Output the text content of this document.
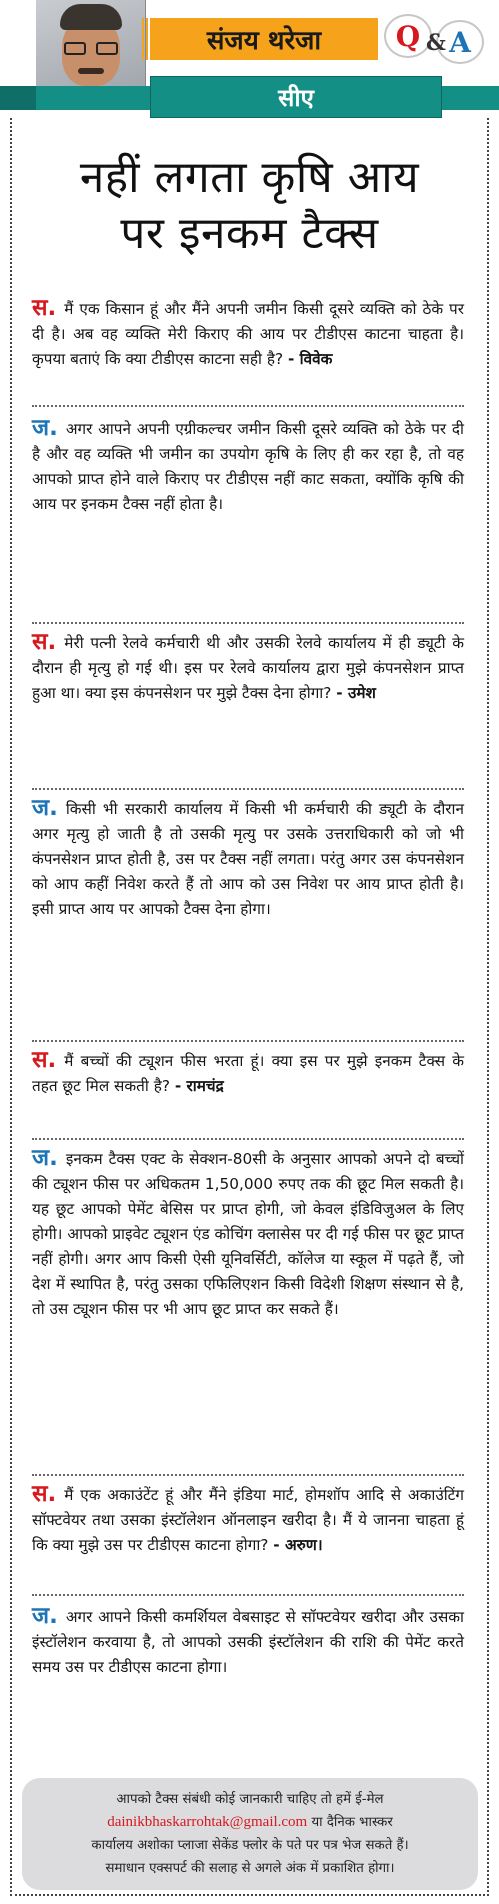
संजय थरेजा	Q	A
&
सीए
नहीं लगता कृषि आय
पर इनकम टैक्स

स. मैं एक किसान हूं और मैंने अपनी जमीन किसी दूसरे व्यक्ति को ठेके पर दी है। अब वह व्यक्ति मेरी किराए की आय पर टीडीएस काटना चाहता है। कृपया बताएं कि क्या टीडीएस काटना सही है? - विवेक

ज. अगर आपने अपनी एग्रीकल्चर जमीन किसी दूसरे व्यक्ति को ठेके पर दी है और वह व्यक्ति भी जमीन का उपयोग कृषि के लिए ही कर रहा है, तो वह आपको प्राप्त होने वाले किराए पर टीडीएस नहीं काट सकता, क्योंकि कृषि की आय पर इनकम टैक्स नहीं होता है।

स. मेरी पत्नी रेलवे कर्मचारी थी और उसकी रेलवे कार्यालय में ही ड्यूटी के दौरान ही मृत्यु हो गई थी। इस पर रेलवे कार्यालय द्वारा मुझे कंपनसेशन प्राप्त हुआ था। क्या इस कंपनसेशन पर मुझे टैक्स देना होगा? - उमेश

ज. किसी भी सरकारी कार्यालय में किसी भी कर्मचारी की ड्यूटी के दौरान अगर मृत्यु हो जाती है तो उसकी मृत्यु पर उसके उत्तराधिकारी को जो भी कंपनसेशन प्राप्त होती है, उस पर टैक्स नहीं लगता। परंतु अगर उस कंपनसेशन को आप कहीं निवेश करते हैं तो आप को उस निवेश पर आय प्राप्त होती है। इसी प्राप्त आय पर आपको टैक्स देना होगा।

स. मैं बच्चों की ट्यूशन फीस भरता हूं। क्या इस पर मुझे इनकम टैक्स के तहत छूट मिल सकती है? - रामचंद्र

ज. इनकम टैक्स एक्ट के सेक्शन-80सी के अनुसार आपको अपने दो बच्चों की ट्यूशन फीस पर अधिकतम 1,50,000 रुपए तक की छूट मिल सकती है। यह छूट आपको पेमेंट बेसिस पर प्राप्त होगी, जो केवल इंडिविजुअल के लिए होगी। आपको प्राइवेट ट्यूशन एंड कोचिंग क्लासेस पर दी गई फीस पर छूट प्राप्त नहीं होगी। अगर आप किसी ऐसी यूनिवर्सिटी, कॉलेज या स्कूल में पढ़ते हैं, जो देश में स्थापित है, परंतु उसका एफिलिएशन किसी विदेशी शिक्षण संस्थान से है, तो उस ट्यूशन फीस पर भी आप छूट प्राप्त कर सकते हैं।

स. मैं एक अकाउंटेंट हूं और मैंने इंडिया मार्ट, होमशॉप आदि से अकाउंटिंग सॉफ्टवेयर तथा उसका इंस्टॉलेशन ऑनलाइन खरीदा है। मैं ये जानना चाहता हूं कि क्या मुझे उस पर टीडीएस काटना होगा? - अरुण।

ज. अगर आपने किसी कमर्शियल वेबसाइट से सॉफ्टवेयर खरीदा और उसका इंस्टॉलेशन करवाया है, तो आपको उसकी इंस्टॉलेशन की राशि की पेमेंट करते समय उस पर टीडीएस काटना होगा।

आपको टैक्स संबंधी कोई जानकारी चाहिए तो हमें ई-मेल
dainikbhaskarrohtak@gmail.com या दैनिक भास्कर
कार्यालय अशोका प्लाजा सेकेंड फ्लोर के पते पर पत्र भेज सकते हैं।
समाधान एक्सपर्ट की सलाह से अगले अंक में प्रकाशित होगा।
